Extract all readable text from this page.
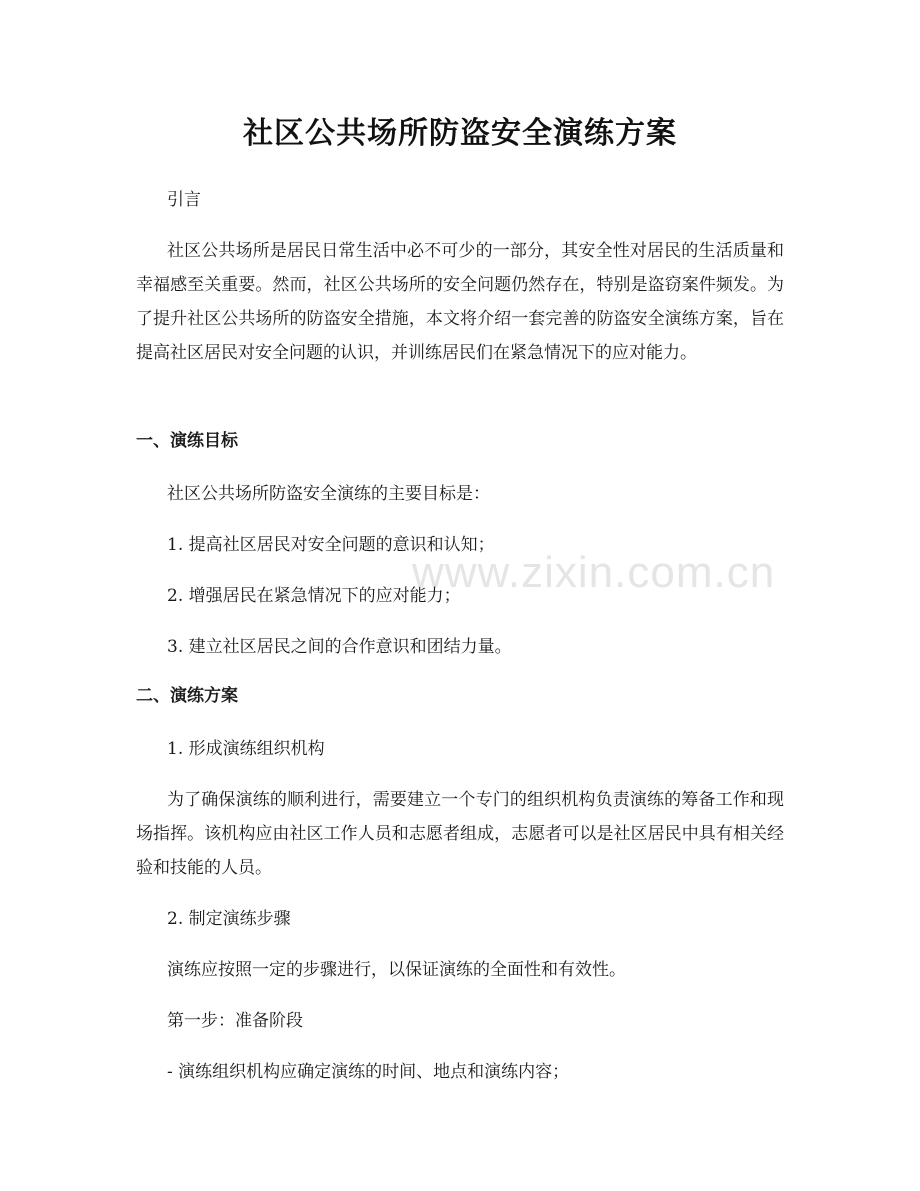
社区公共场所防盗安全演练方案

引言

社区公共场所是居民日常生活中必不可少的一部分，其安全性对居民的生活质量和幸福感至关重要。然而，社区公共场所的安全问题仍然存在，特别是盗窃案件频发。为了提升社区公共场所的防盗安全措施，本文将介绍一套完善的防盗安全演练方案，旨在提高社区居民对安全问题的认识，并训练居民们在紧急情况下的应对能力。

一、演练目标

社区公共场所防盗安全演练的主要目标是：

1. 提高社区居民对安全问题的意识和认知；

2. 增强居民在紧急情况下的应对能力；

3. 建立社区居民之间的合作意识和团结力量。

二、演练方案

1. 形成演练组织机构

为了确保演练的顺利进行，需要建立一个专门的组织机构负责演练的筹备工作和现场指挥。该机构应由社区工作人员和志愿者组成，志愿者可以是社区居民中具有相关经验和技能的人员。

2. 制定演练步骤

演练应按照一定的步骤进行，以保证演练的全面性和有效性。

第一步：准备阶段

- 演练组织机构应确定演练的时间、地点和演练内容；

www.zixin.com.cn
